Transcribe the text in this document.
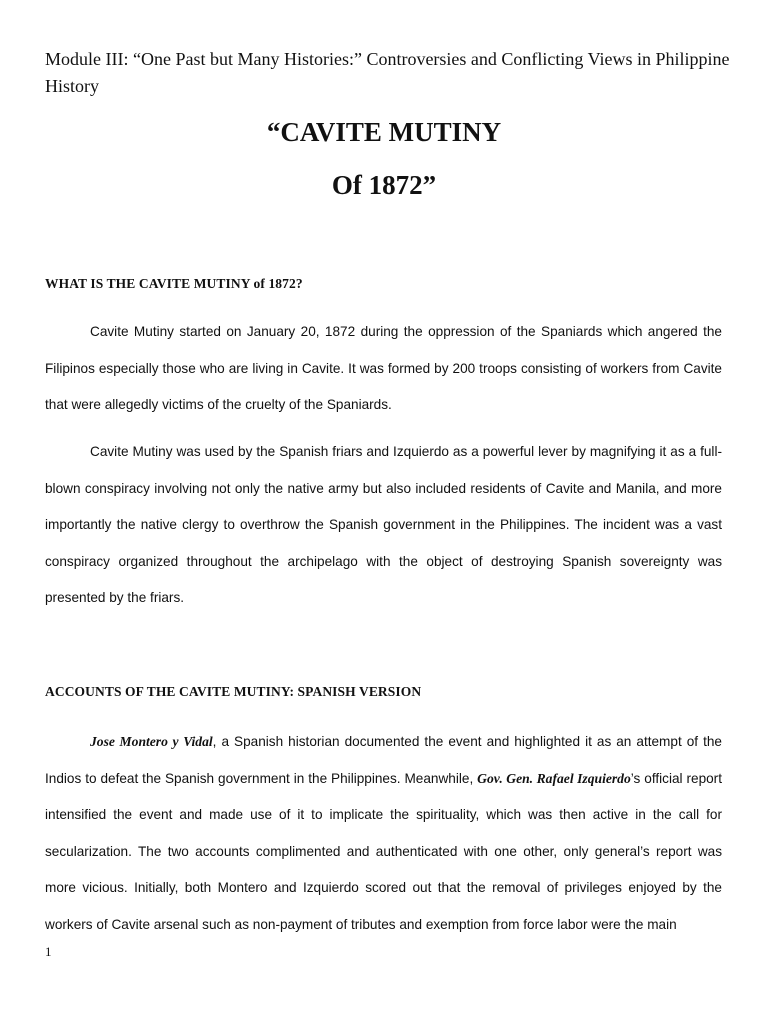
Module III: “One Past but Many Histories:” Controversies and Conflicting Views in Philippine History

“CAVITE MUTINY
Of 1872”
WHAT IS THE CAVITE MUTINY of 1872?

Cavite Mutiny started on January 20, 1872 during the oppression of the Spaniards which angered the Filipinos especially those who are living in Cavite. It was formed by 200 troops consisting of workers from Cavite that were allegedly victims of the cruelty of the Spaniards.

Cavite Mutiny was used by the Spanish friars and Izquierdo as a powerful lever by magnifying it as a full-blown conspiracy involving not only the native army but also included residents of Cavite and Manila, and more importantly the native clergy to overthrow the Spanish government in the Philippines. The incident was a vast conspiracy organized throughout the archipelago with the object of destroying Spanish sovereignty was presented by the friars.

ACCOUNTS OF THE CAVITE MUTINY: SPANISH VERSION

Jose Montero y Vidal, a Spanish historian documented the event and highlighted it as an attempt of the Indios to defeat the Spanish government in the Philippines. Meanwhile, Gov. Gen. Rafael Izquierdo’s official report intensified the event and made use of it to implicate the spirituality, which was then active in the call for secularization. The two accounts complimented and authenticated with one other, only general’s report was more vicious. Initially, both Montero and Izquierdo scored out that the removal of privileges enjoyed by the workers of Cavite arsenal such as non-payment of tributes and exemption from force labor were the main

1
